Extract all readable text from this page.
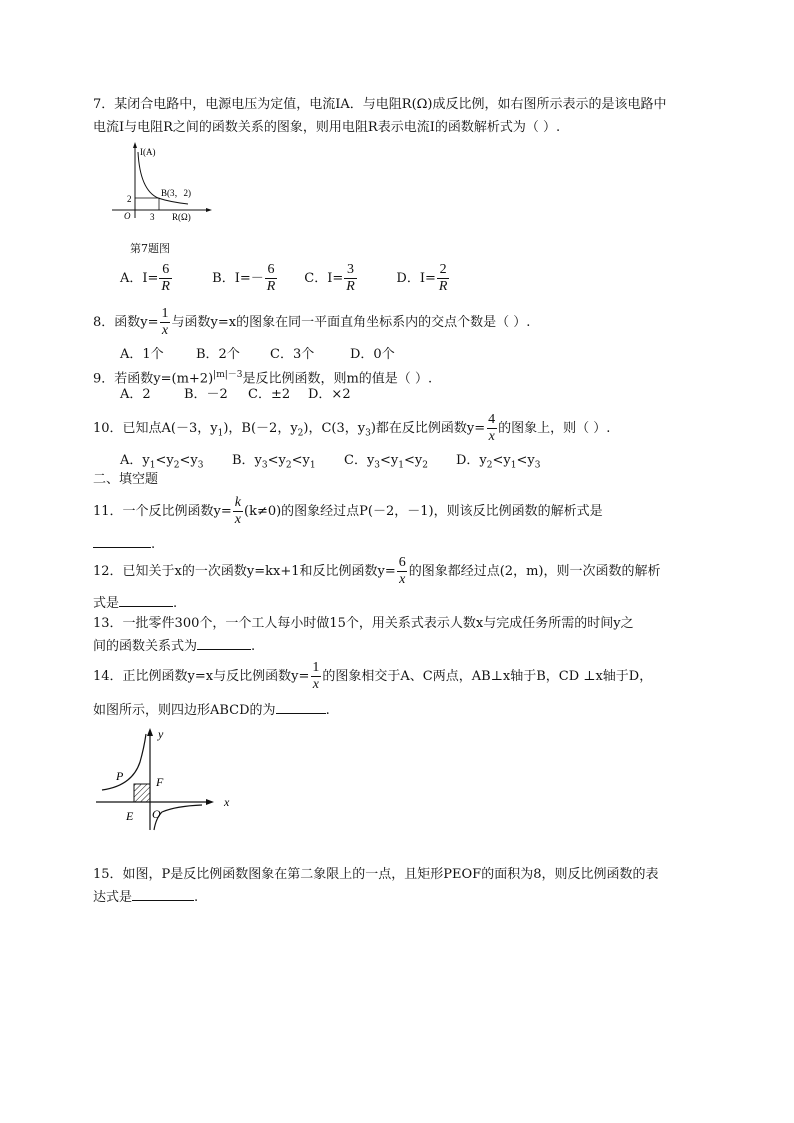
7．某闭合电路中，电源电压为定值，电流IA．与电阻R(Ω)成反比例，如右图所示表示的是该电路中
电流I与电阻R之间的函数关系的图象，则用电阻R表示电流I的函数解析式为（ ）.
I(A)
2
B(3，2)
O 3 R(Ω)
第7题图
A．$I= \frac{6}{R}$	B．$I=- \frac{6}{R}$ C．$I= \frac{3}{R}$	D．$I= \frac{2}{R}$
8．函数$y= \frac{1}{x}$ 与函数y=x的图象在同一平面直角坐标系内的交点个数是（ ）.
A．1个 B．2个 C．3个	D．0个
9．若函数$y=(m+2)^{|m|-3}$是反比例函数，则m的值是（ ）.
A．2	B．－2 C．±2 D．×2
10．已知点A(－3，$y_1$)，B(－2，$y_2$)，C(3，$y_3$)都在反比例函数$y= \frac{4}{x}$ 的图象上，则（ ）.
A．$y_1<y_2<y_3$ B．$y_3<y_2<y_1$ C．$y_3<y_1<y_2$ D．$y_2<y_1<y_3$
二、填空题
11．一个反比例函数$y= \frac{k}{x} (k\ne 0)$的图象经过点P(－2，－1)，则该反比例函数的解析式是
.
12．已知关于x的一次函数y=kx+1和反比例函数$y= \frac{6}{x}$ 的图象都经过点(2，m)，则一次函数的解析
式是	.
13．一批零件300个，一个工人每小时做15个，用关系式表示人数x与完成任务所需的时间y之
间的函数关系式为	.
14．正比例函数y=x与反比例函数$y= \frac{1}{x}$ 的图象相交于A、C两点，AB⊥x轴于B，CD ⊥x轴于D，
如图所示，则四边形ABCD的为	.
y
P	F
E O
x
15．如图，P是反比例函数图象在第二象限上的一点，且矩形PEOF的面积为8，则反比例函数的表
达式是	.
